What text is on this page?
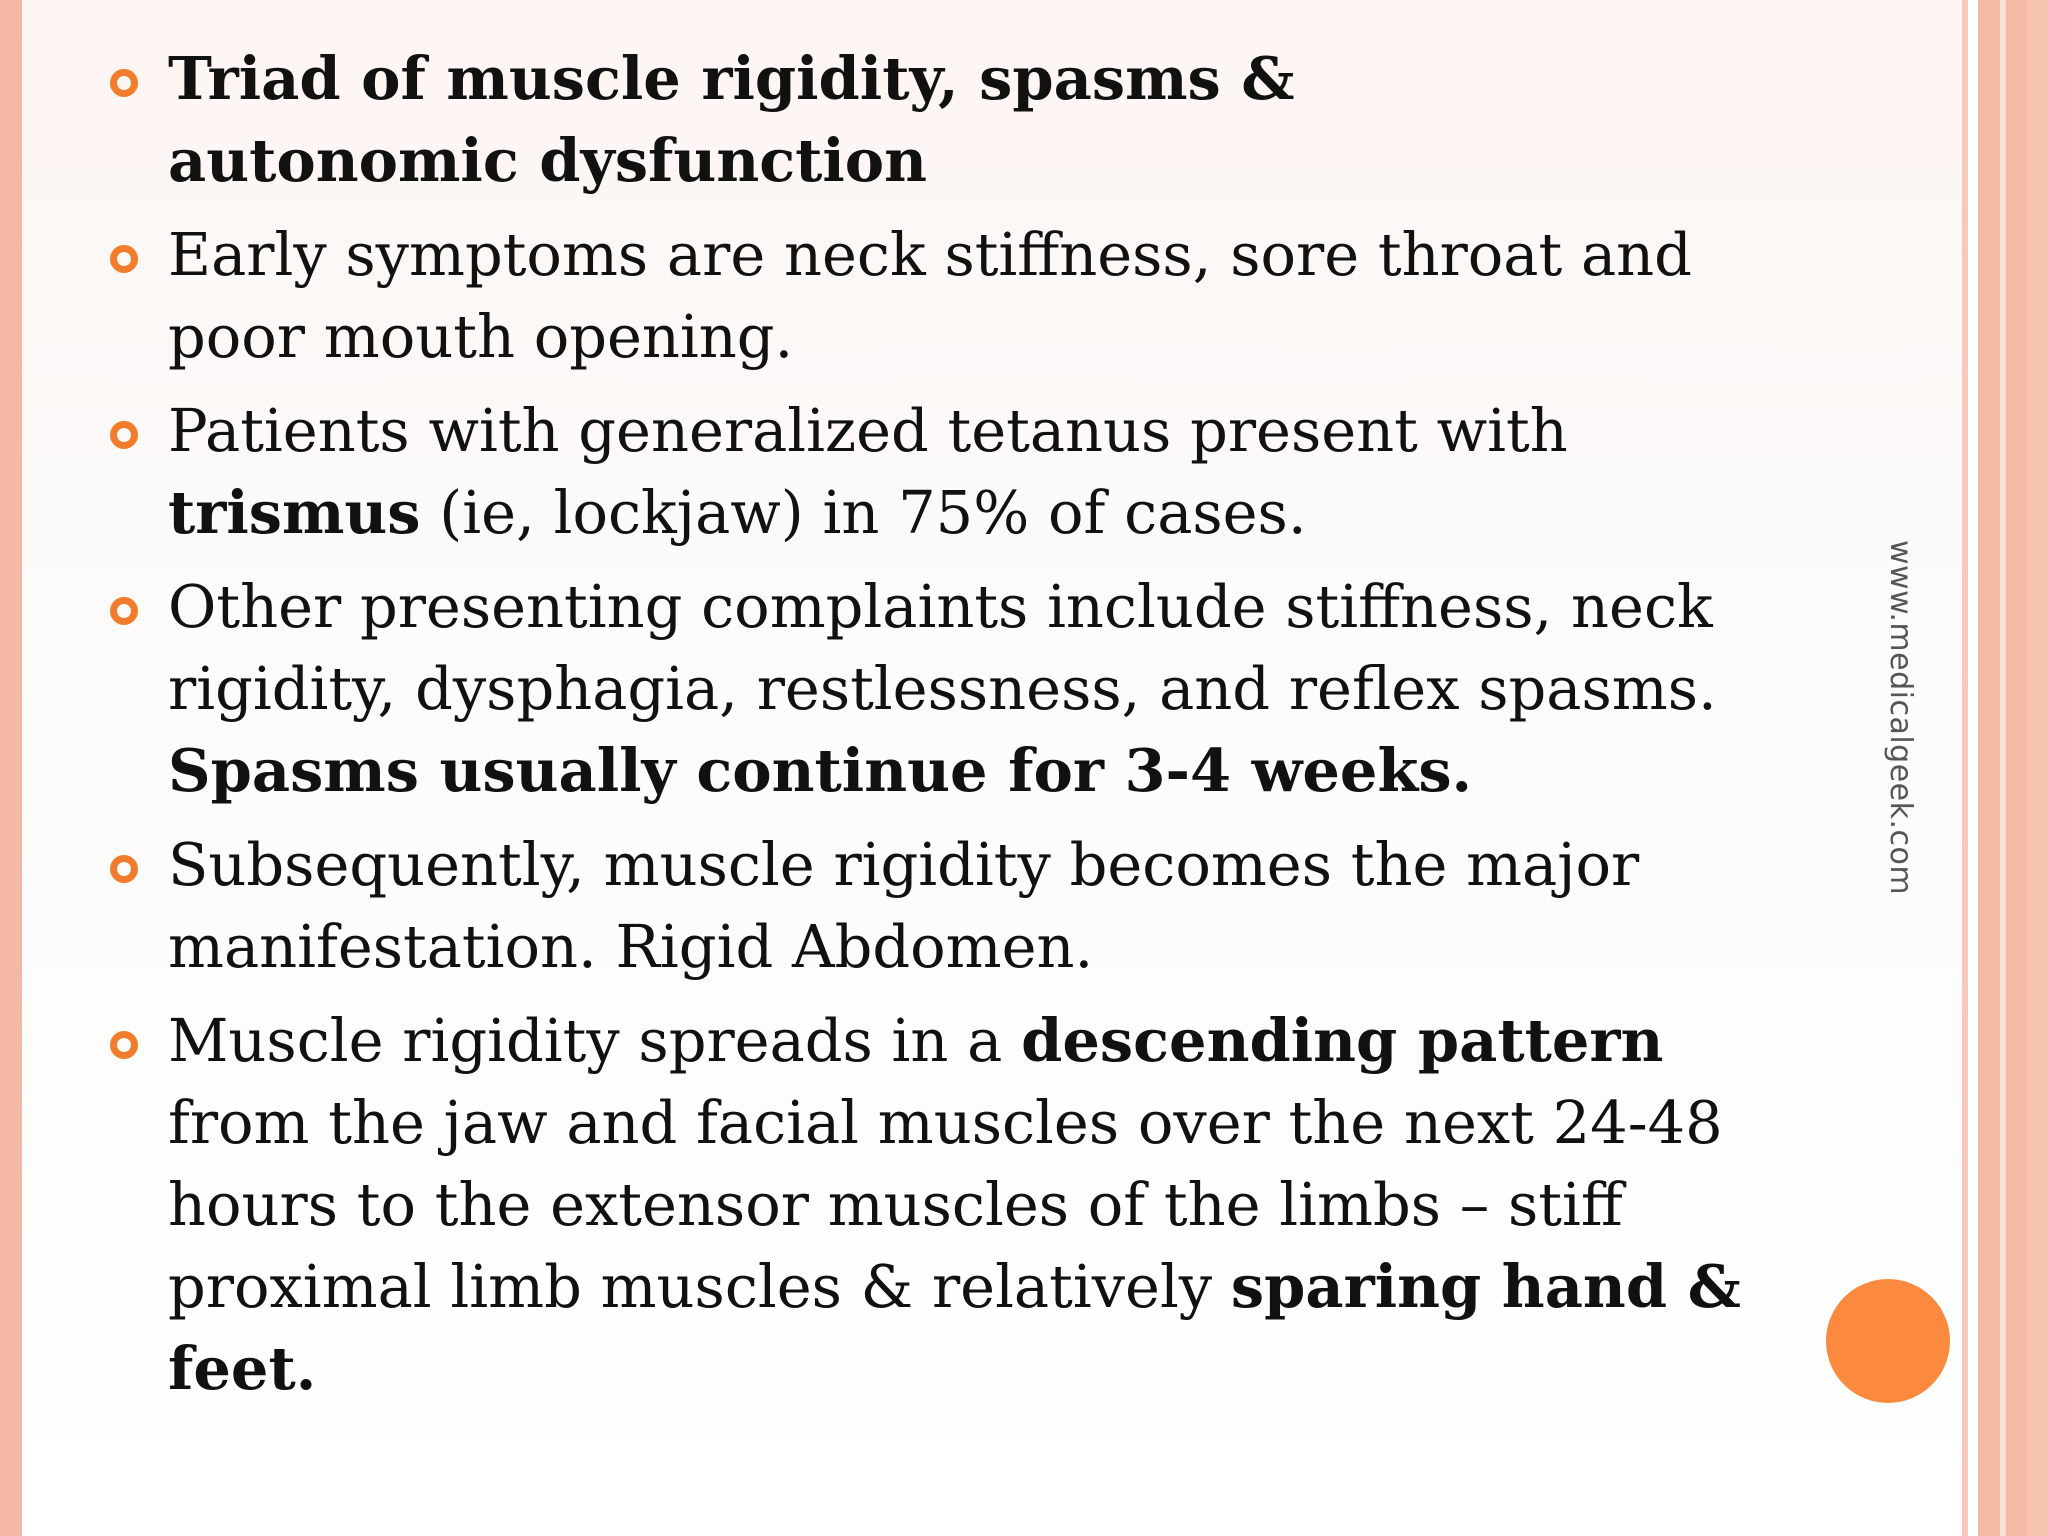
www.medicalgeek.com
Triad of muscle rigidity, spasms &
autonomic dysfunction
Early symptoms are neck stiffness, sore throat and poor mouth opening.
Patients with generalized tetanus present with trismus (ie, lockjaw) in 75% of cases.
Other presenting complaints include stiffness, neck rigidity, dysphagia, restlessness, and reflex spasms. Spasms usually continue for 3-4 weeks.
Subsequently, muscle rigidity becomes the major manifestation. Rigid Abdomen.
Muscle rigidity spreads in a descending pattern from the jaw and facial muscles over the next 24-48 hours to the extensor muscles of the limbs – stiff proximal limb muscles & relatively sparing hand & feet.
